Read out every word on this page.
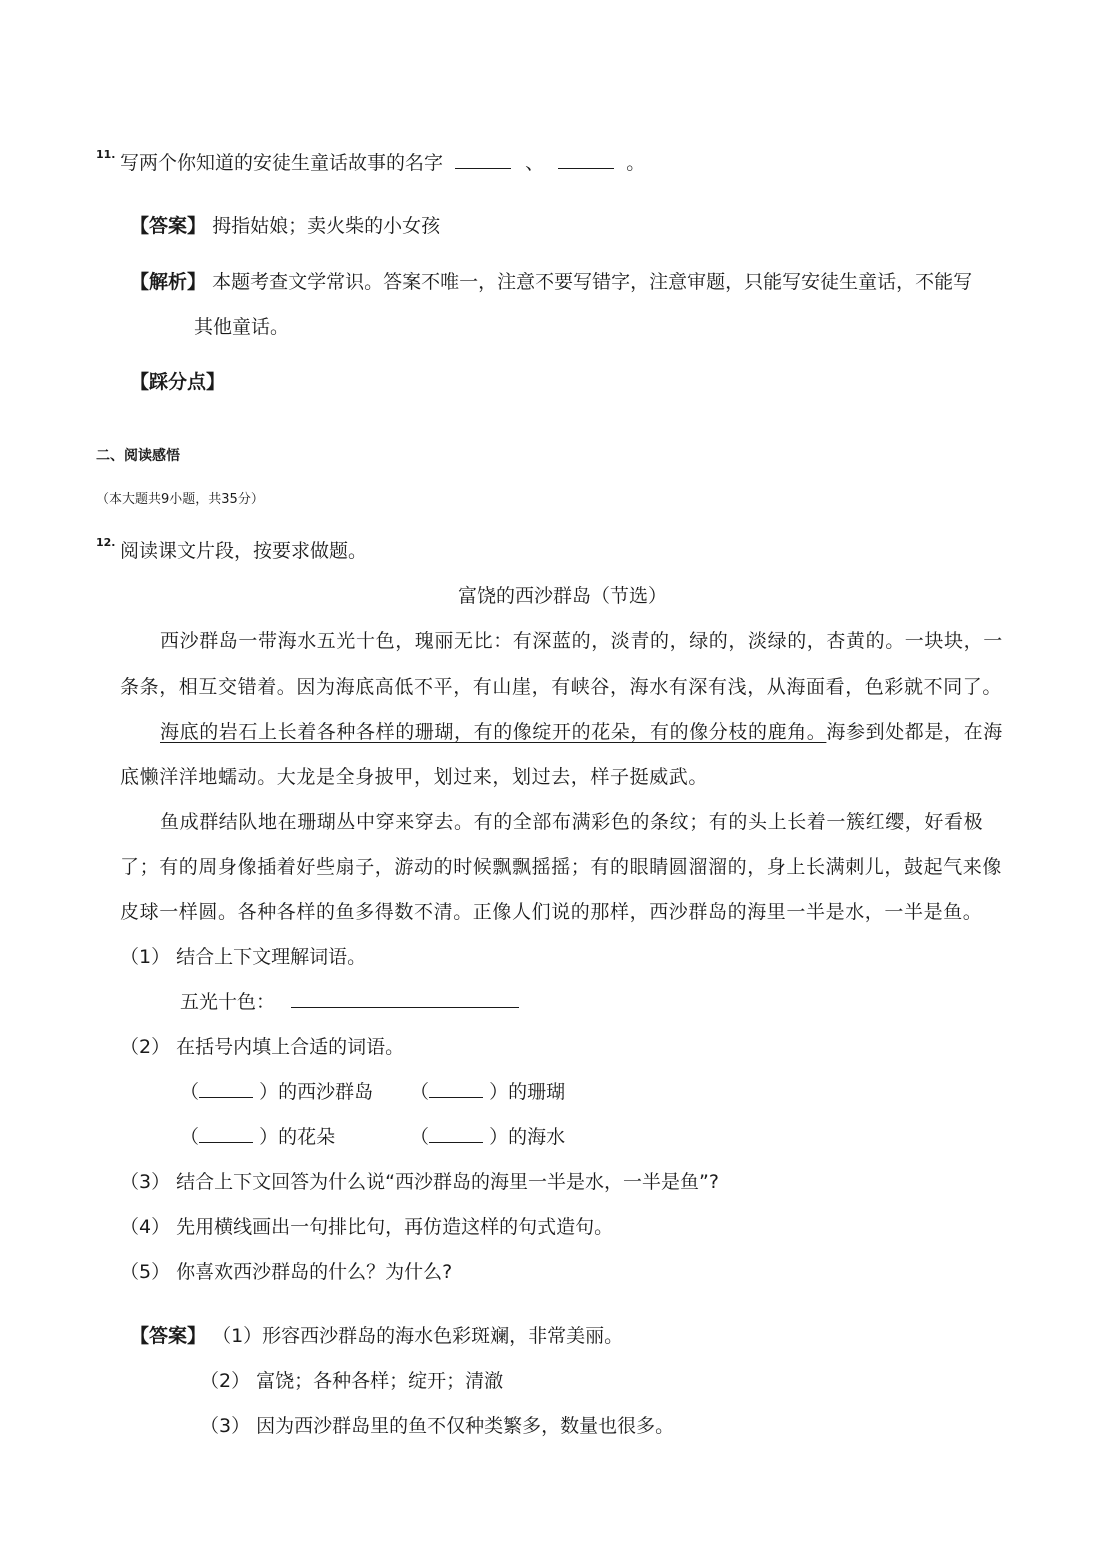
11. 写两个你知道的安徒生童话故事的名字	、	。
【答案】 拇指姑娘；卖火柴的小女孩
【解析】 本题考查文学常识。答案不唯一，注意不要写错字，注意审题，只能写安徒生童话，不能写
其他童话。
【踩分点】
二、阅读感悟
（本大题共9小题，共35分）
12. 阅读课文片段，按要求做题。
富饶的西沙群岛（节选）
西沙群岛一带海水五光十色，瑰丽无比：有深蓝的，淡青的，绿的，淡绿的，杏黄的。一块块，一
条条，相互交错着。因为海底高低不平，有山崖，有峡谷，海水有深有浅，从海面看，色彩就不同了。
海底的岩石上长着各种各样的珊瑚，有的像绽开的花朵，有的像分枝的鹿角。海参到处都是，在海
底懒洋洋地蠕动。大龙是全身披甲，划过来，划过去，样子挺威武。
鱼成群结队地在珊瑚丛中穿来穿去。有的全部布满彩色的条纹；有的头上长着一簇红缨，好看极
了；有的周身像插着好些扇子，游动的时候飘飘摇摇；有的眼睛圆溜溜的，身上长满刺儿，鼓起气来像
皮球一样圆。各种各样的鱼多得数不清。正像人们说的那样，西沙群岛的海里一半是水，一半是鱼。
（1） 结合上下文理解词语。
五光十色：
（2） 在括号内填上合适的词语。
（	）的西沙群岛 （	）的珊瑚
（	）的花朵	（	）的海水
（3） 结合上下文回答为什么说“西沙群岛的海里一半是水，一半是鱼”?
（4） 先用横线画出一句排比句，再仿造这样的句式造句。
（5） 你喜欢西沙群岛的什么？为什么?
【答案】 （1）形容西沙群岛的海水色彩斑斓，非常美丽。
（2） 富饶；各种各样；绽开；清澈
（3） 因为西沙群岛里的鱼不仅种类繁多，数量也很多。
